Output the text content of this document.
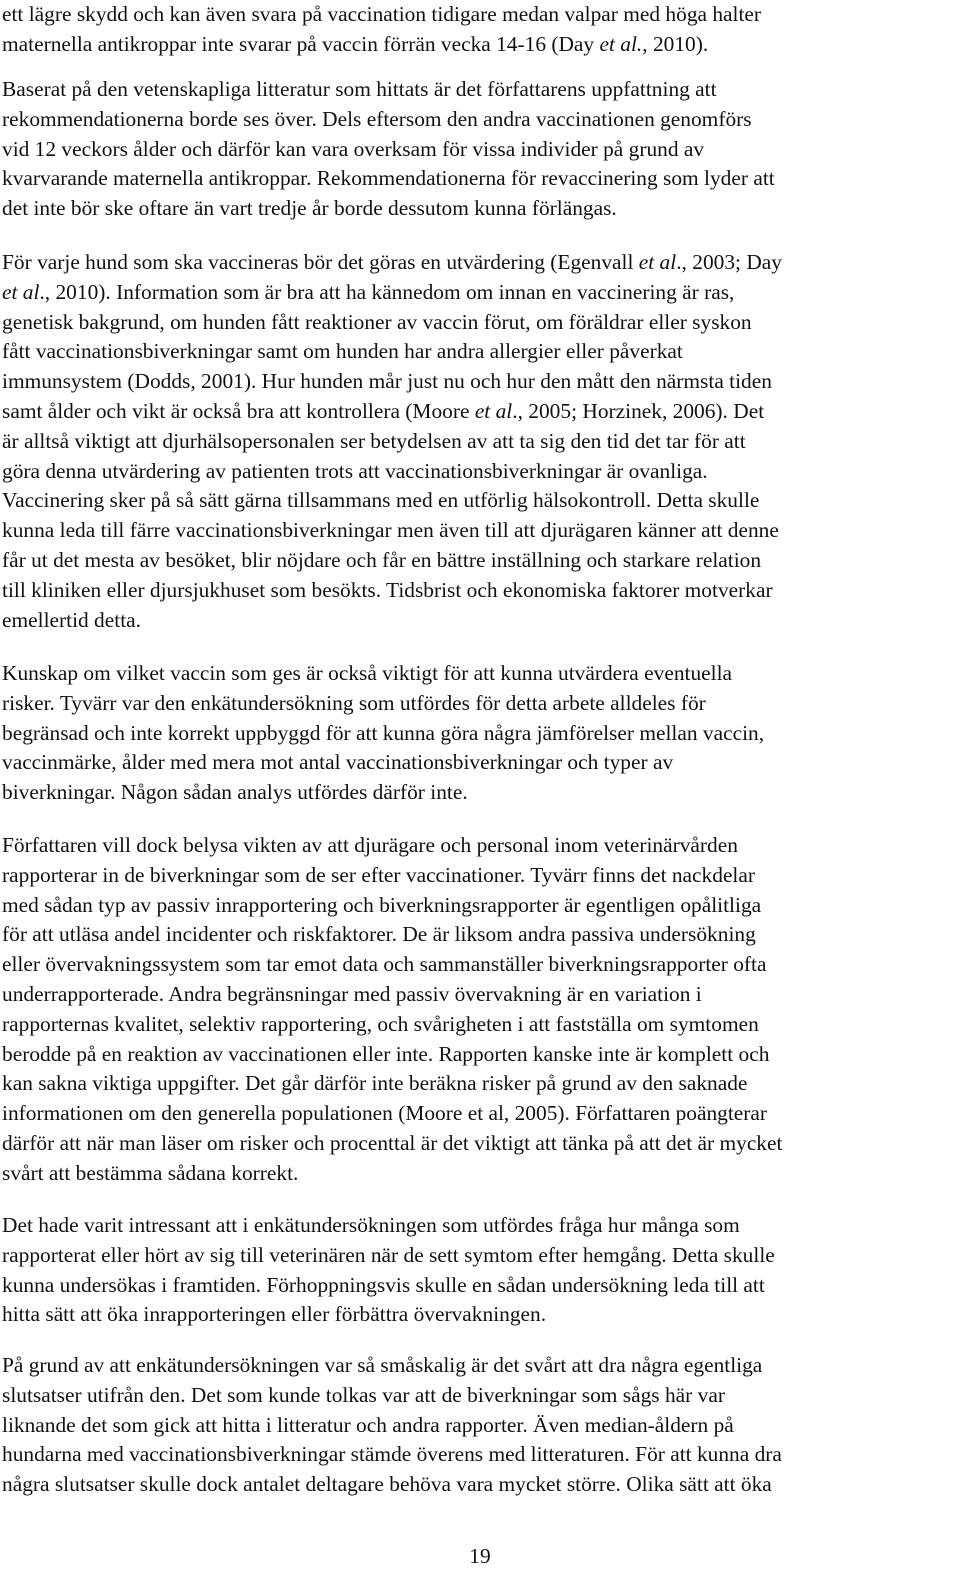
ett lägre skydd och kan även svara på vaccination tidigare medan valpar med höga halter
maternella antikroppar inte svarar på vaccin förrän vecka 14-16 (Day et al., 2010).
Baserat på den vetenskapliga litteratur som hittats är det författarens uppfattning att
rekommendationerna borde ses över. Dels eftersom den andra vaccinationen genomförs
vid 12 veckors ålder och därför kan vara overksam för vissa individer på grund av
kvarvarande maternella antikroppar. Rekommendationerna för revaccinering som lyder att
det inte bör ske oftare än vart tredje år borde dessutom kunna förlängas.
För varje hund som ska vaccineras bör det göras en utvärdering (Egenvall et al., 2003; Day
et al., 2010). Information som är bra att ha kännedom om innan en vaccinering är ras,
genetisk bakgrund, om hunden fått reaktioner av vaccin förut, om föräldrar eller syskon
fått vaccinationsbiverkningar samt om hunden har andra allergier eller påverkat
immunsystem (Dodds, 2001). Hur hunden mår just nu och hur den mått den närmsta tiden
samt ålder och vikt är också bra att kontrollera (Moore et al., 2005; Horzinek, 2006). Det
är alltså viktigt att djurhälsopersonalen ser betydelsen av att ta sig den tid det tar för att
göra denna utvärdering av patienten trots att vaccinationsbiverkningar är ovanliga.
Vaccinering sker på så sätt gärna tillsammans med en utförlig hälsokontroll. Detta skulle
kunna leda till färre vaccinationsbiverkningar men även till att djurägaren känner att denne
får ut det mesta av besöket, blir nöjdare och får en bättre inställning och starkare relation
till kliniken eller djursjukhuset som besökts. Tidsbrist och ekonomiska faktorer motverkar
emellertid detta.
Kunskap om vilket vaccin som ges är också viktigt för att kunna utvärdera eventuella
risker. Tyvärr var den enkätundersökning som utfördes för detta arbete alldeles för
begränsad och inte korrekt uppbyggd för att kunna göra några jämförelser mellan vaccin,
vaccinmärke, ålder med mera mot antal vaccinationsbiverkningar och typer av
biverkningar. Någon sådan analys utfördes därför inte.
Författaren vill dock belysa vikten av att djurägare och personal inom veterinärvården
rapporterar in de biverkningar som de ser efter vaccinationer. Tyvärr finns det nackdelar
med sådan typ av passiv inrapportering och biverkningsrapporter är egentligen opålitliga
för att utläsa andel incidenter och riskfaktorer. De är liksom andra passiva undersökning
eller övervakningssystem som tar emot data och sammanställer biverkningsrapporter ofta
underrapporterade. Andra begränsningar med passiv övervakning är en variation i
rapporternas kvalitet, selektiv rapportering, och svårigheten i att fastställa om symtomen
berodde på en reaktion av vaccinationen eller inte. Rapporten kanske inte är komplett och
kan sakna viktiga uppgifter. Det går därför inte beräkna risker på grund av den saknade
informationen om den generella populationen (Moore et al, 2005). Författaren poängterar
därför att när man läser om risker och procenttal är det viktigt att tänka på att det är mycket
svårt att bestämma sådana korrekt.
Det hade varit intressant att i enkätundersökningen som utfördes fråga hur många som
rapporterat eller hört av sig till veterinären när de sett symtom efter hemgång. Detta skulle
kunna undersökas i framtiden. Förhoppningsvis skulle en sådan undersökning leda till att
hitta sätt att öka inrapporteringen eller förbättra övervakningen.
På grund av att enkätundersökningen var så småskalig är det svårt att dra några egentliga
slutsatser utifrån den. Det som kunde tolkas var att de biverkningar som sågs här var
liknande det som gick att hitta i litteratur och andra rapporter. Även median-åldern på
hundarna med vaccinationsbiverkningar stämde överens med litteraturen. För att kunna dra
några slutsatser skulle dock antalet deltagare behöva vara mycket större. Olika sätt att öka
19
